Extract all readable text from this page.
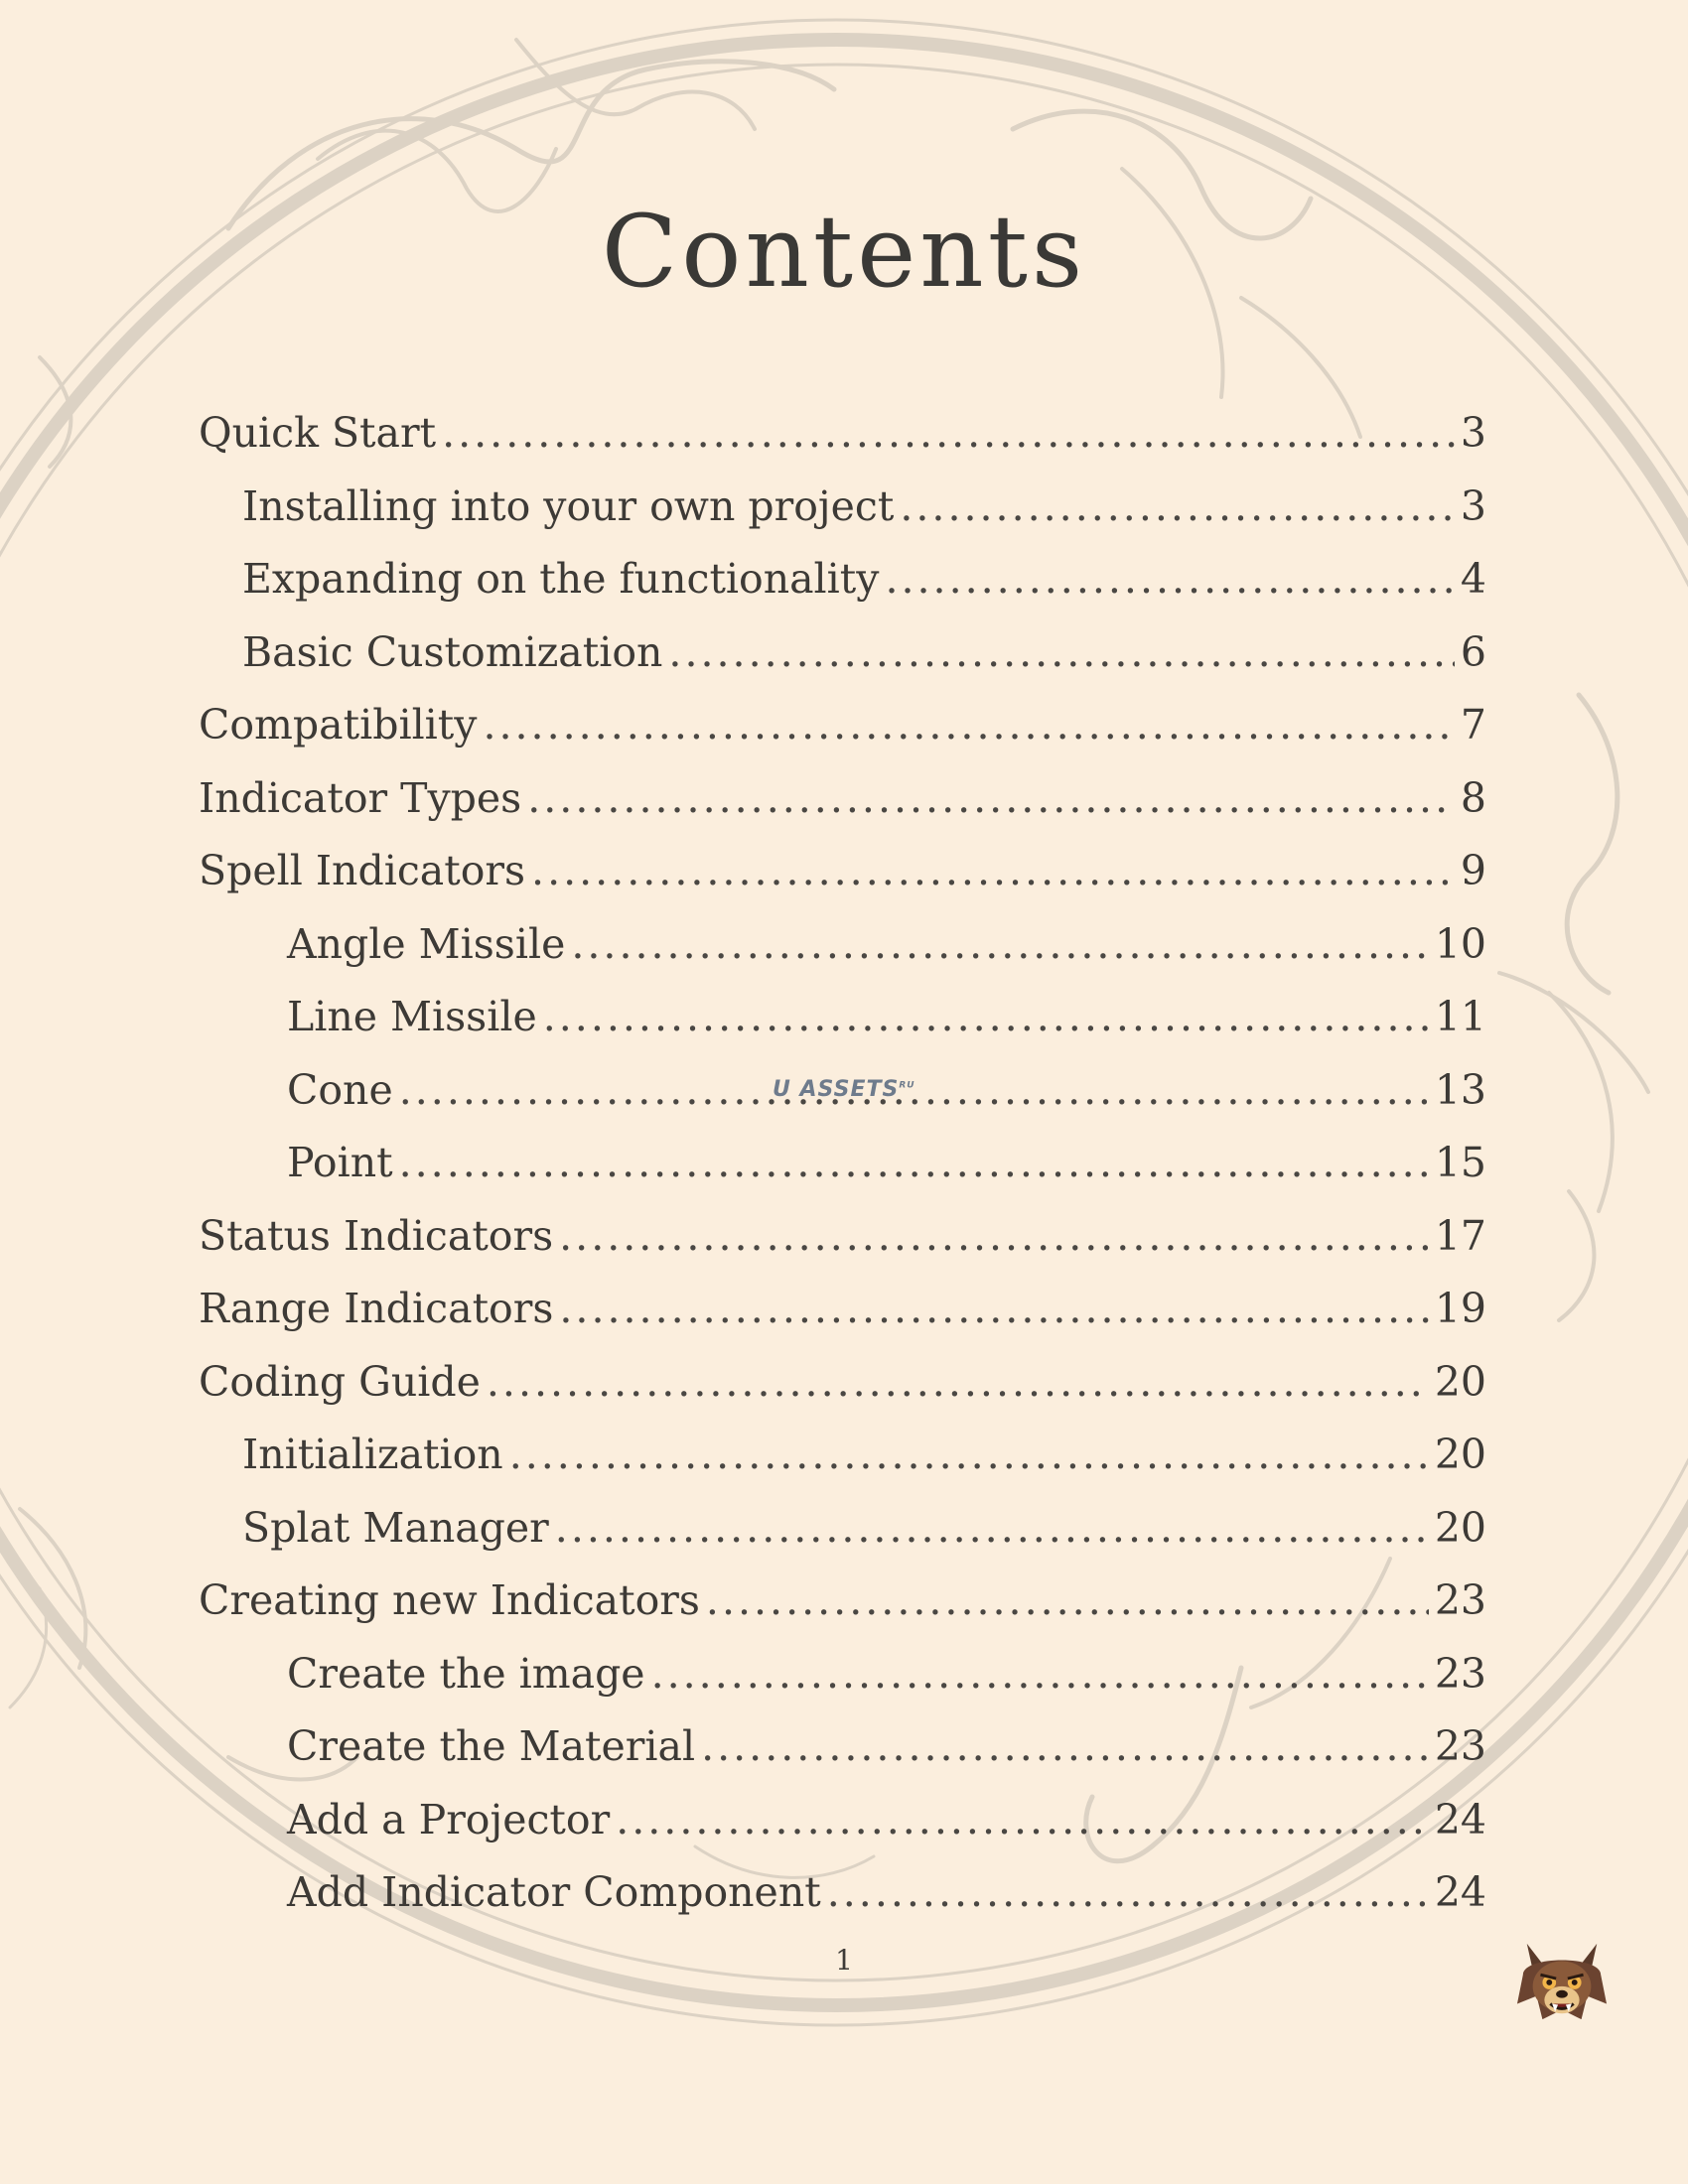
Contents
Quick Start .....	3
Installing into your own project .....	3
Expanding on the functionality .....	4
Basic Customization .....	6
Compatibility .....	7
Indicator Types .....	8
Spell Indicators .....	9
Angle Missile .....	10
Line Missile .....	11
Cone .....	13
Point .....	15
Status Indicators .....	17
Range Indicators .....	19
Coding Guide .....	20
Initialization .....	20
Splat Manager .....	20
Creating new Indicators .....	23
Create the image .....	23
Create the Material .....	23
Add a Projector .....	24
Add Indicator Component .....	24
U $ASSETS^{RU}$
1
